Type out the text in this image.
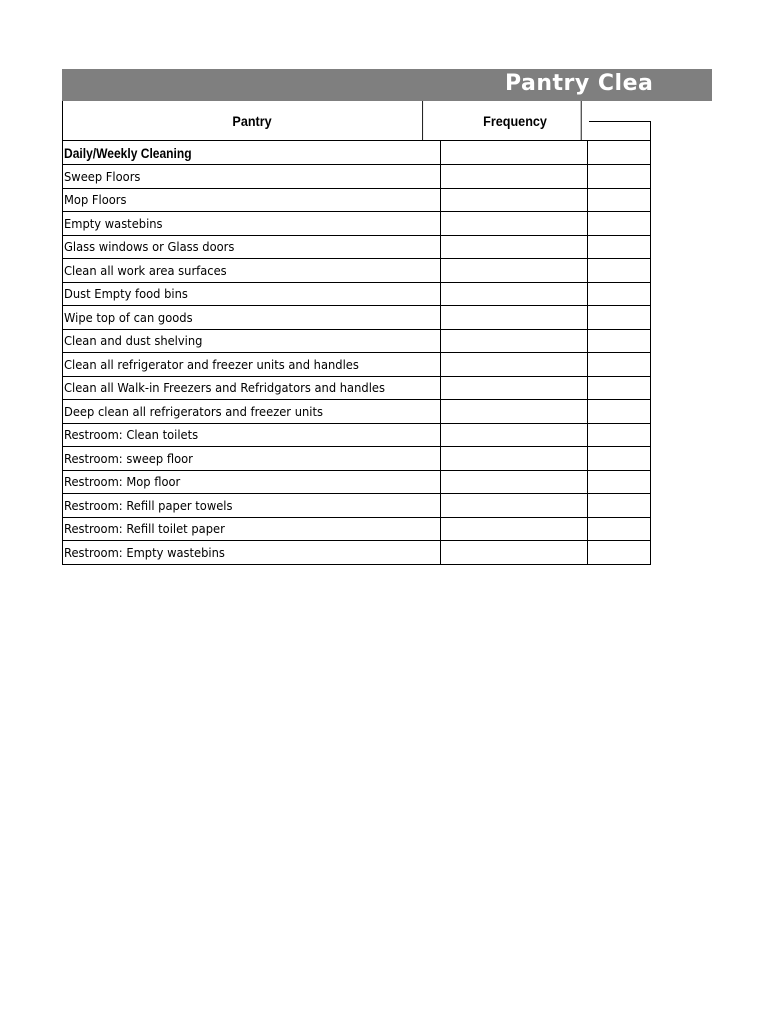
Pantry Clea
Pantry	Frequency
Daily/Weekly Cleaning
Sweep Floors
Mop Floors
Empty wastebins
Glass windows or Glass doors
Clean all work area surfaces
Dust Empty food bins
Wipe top of can goods
Clean and dust shelving
Clean all refrigerator and freezer units and handles
Clean all Walk-in Freezers and Refridgators and handles
Deep clean all refrigerators and freezer units
Restroom: Clean toilets
Restroom: sweep floor
Restroom: Mop floor
Restroom: Refill paper towels
Restroom: Refill toilet paper
Restroom: Empty wastebins
